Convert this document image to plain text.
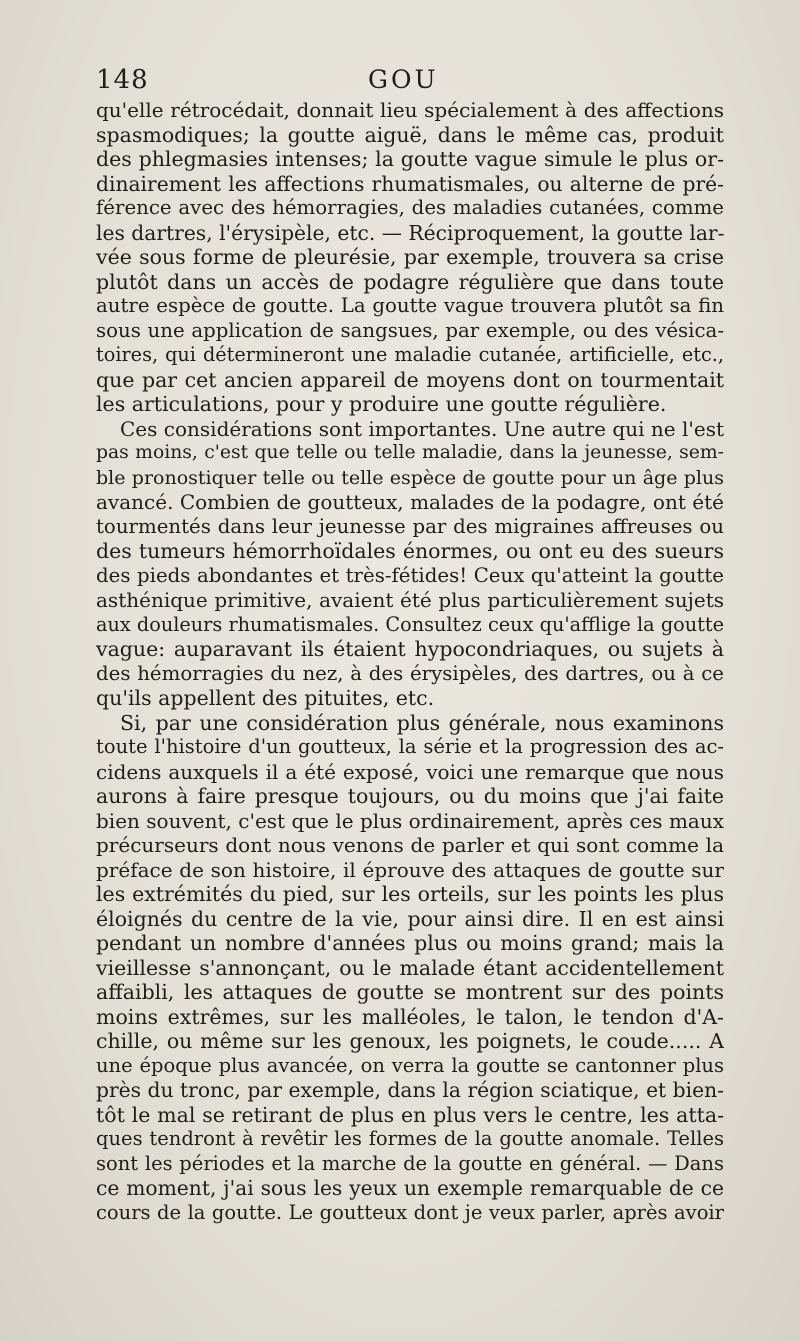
148	GOU
qu'elle rétrocédait, donnait lieu spécialement à des affections
spasmodiques; la goutte aiguë, dans le même cas, produit
des phlegmasies intenses; la goutte vague simule le plus or-
dinairement les affections rhumatismales, ou alterne de pré-
férence avec des hémorragies, des maladies cutanées, comme
les dartres, l'érysipèle, etc. — Réciproquement, la goutte lar-
vée sous forme de pleurésie, par exemple, trouvera sa crise
plutôt dans un accès de podagre régulière que dans toute
autre espèce de goutte. La goutte vague trouvera plutôt sa fin
sous une application de sangsues, par exemple, ou des vésica-
toires, qui détermineront une maladie cutanée, artificielle, etc.,
que par cet ancien appareil de moyens dont on tourmentait
les articulations, pour y produire une goutte régulière.
Ces considérations sont importantes. Une autre qui ne l'est
pas moins, c'est que telle ou telle maladie, dans la jeunesse, sem-
ble pronostiquer telle ou telle espèce de goutte pour un âge plus
avancé. Combien de goutteux, malades de la podagre, ont été
tourmentés dans leur jeunesse par des migraines affreuses ou
des tumeurs hémorrhoïdales énormes, ou ont eu des sueurs
des pieds abondantes et très-fétides! Ceux qu'atteint la goutte
asthénique primitive, avaient été plus particulièrement sujets
aux douleurs rhumatismales. Consultez ceux qu'afflige la goutte
vague: auparavant ils étaient hypocondriaques, ou sujets à
des hémorragies du nez, à des érysipèles, des dartres, ou à ce
qu'ils appellent des pituites, etc.
Si, par une considération plus générale, nous examinons
toute l'histoire d'un goutteux, la série et la progression des ac-
cidens auxquels il a été exposé, voici une remarque que nous
aurons à faire presque toujours, ou du moins que j'ai faite
bien souvent, c'est que le plus ordinairement, après ces maux
précurseurs dont nous venons de parler et qui sont comme la
préface de son histoire, il éprouve des attaques de goutte sur
les extrémités du pied, sur les orteils, sur les points les plus
éloignés du centre de la vie, pour ainsi dire. Il en est ainsi
pendant un nombre d'années plus ou moins grand; mais la
vieillesse s'annonçant, ou le malade étant accidentellement
affaibli, les attaques de goutte se montrent sur des points
moins extrêmes, sur les malléoles, le talon, le tendon d'A-
chille, ou même sur les genoux, les poignets, le coude..... A
une époque plus avancée, on verra la goutte se cantonner plus
près du tronc, par exemple, dans la région sciatique, et bien-
tôt le mal se retirant de plus en plus vers le centre, les atta-
ques tendront à revêtir les formes de la goutte anomale. Telles
sont les périodes et la marche de la goutte en général. — Dans
ce moment, j'ai sous les yeux un exemple remarquable de ce
cours de la goutte. Le goutteux dont je veux parler, après avoir
